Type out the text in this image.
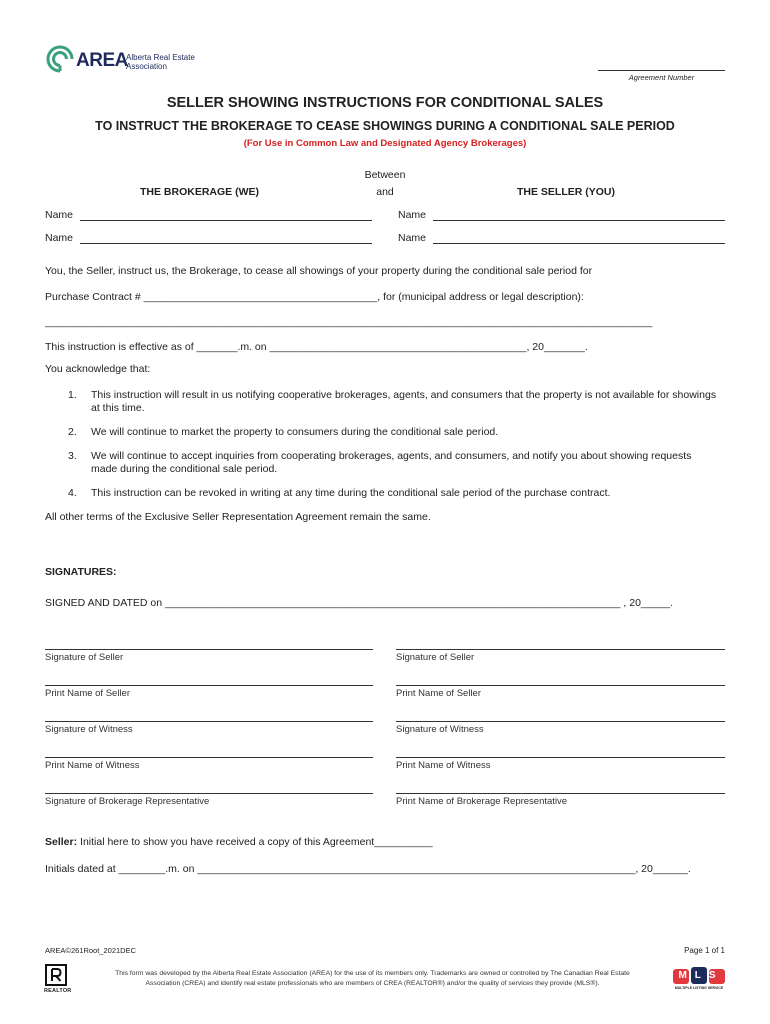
AREA
Alberta Real Estate
Association
Agreement Number
SELLER SHOWING INSTRUCTIONS FOR CONDITIONAL SALES
TO INSTRUCT THE BROKERAGE TO CEASE SHOWINGS DURING A CONDITIONAL SALE PERIOD
(For Use in Common Law and Designated Agency Brokerages)
Between
and
THE BROKERAGE (WE)	THE SELLER (YOU)
Name	Name
Name	Name
You, the Seller, instruct us, the Brokerage, to cease all showings of your property during the conditional sale period for
Purchase Contract # ________________________________________, for (municipal address or legal description):
________________________________________________________________________________________________________
This instruction is effective as of _______.m. on ____________________________________________, 20_______.
You acknowledge that:
1. This instruction will result in us notifying cooperative brokerages, agents, and consumers that the property is not available for showings at this time.
2. We will continue to market the property to consumers during the conditional sale period.
3. We will continue to accept inquiries from cooperating brokerages, agents, and consumers, and notify you about showing requests made during the conditional sale period.
4. This instruction can be revoked in writing at any time during the conditional sale period of the purchase contract.
All other terms of the Exclusive Seller Representation Agreement remain the same.
SIGNATURES:
SIGNED AND DATED on ______________________________________________________________________________ , 20_____.
Signature of Seller	Signature of Seller
Print Name of Seller	Print Name of Seller
Signature of Witness	Signature of Witness
Print Name of Witness	Print Name of Witness
Signature of Brokerage Representative	Print Name of Brokerage Representative
Seller: Initial here to show you have received a copy of this Agreement__________
Initials dated at ________.m. on ___________________________________________________________________________, 20______.
AREA©261Root_2021DEC	Page 1 of 1
REALTOR
This form was developed by the Alberta Real Estate Association (AREA) for the use of its members only. Trademarks are owned or controlled by The Canadian Real Estate
Association (CREA) and identify real estate professionals who are members of CREA (REALTOR®) and/or the quality of services they provide (MLS®).
MLS
MULTIPLE LISTING SERVICE
